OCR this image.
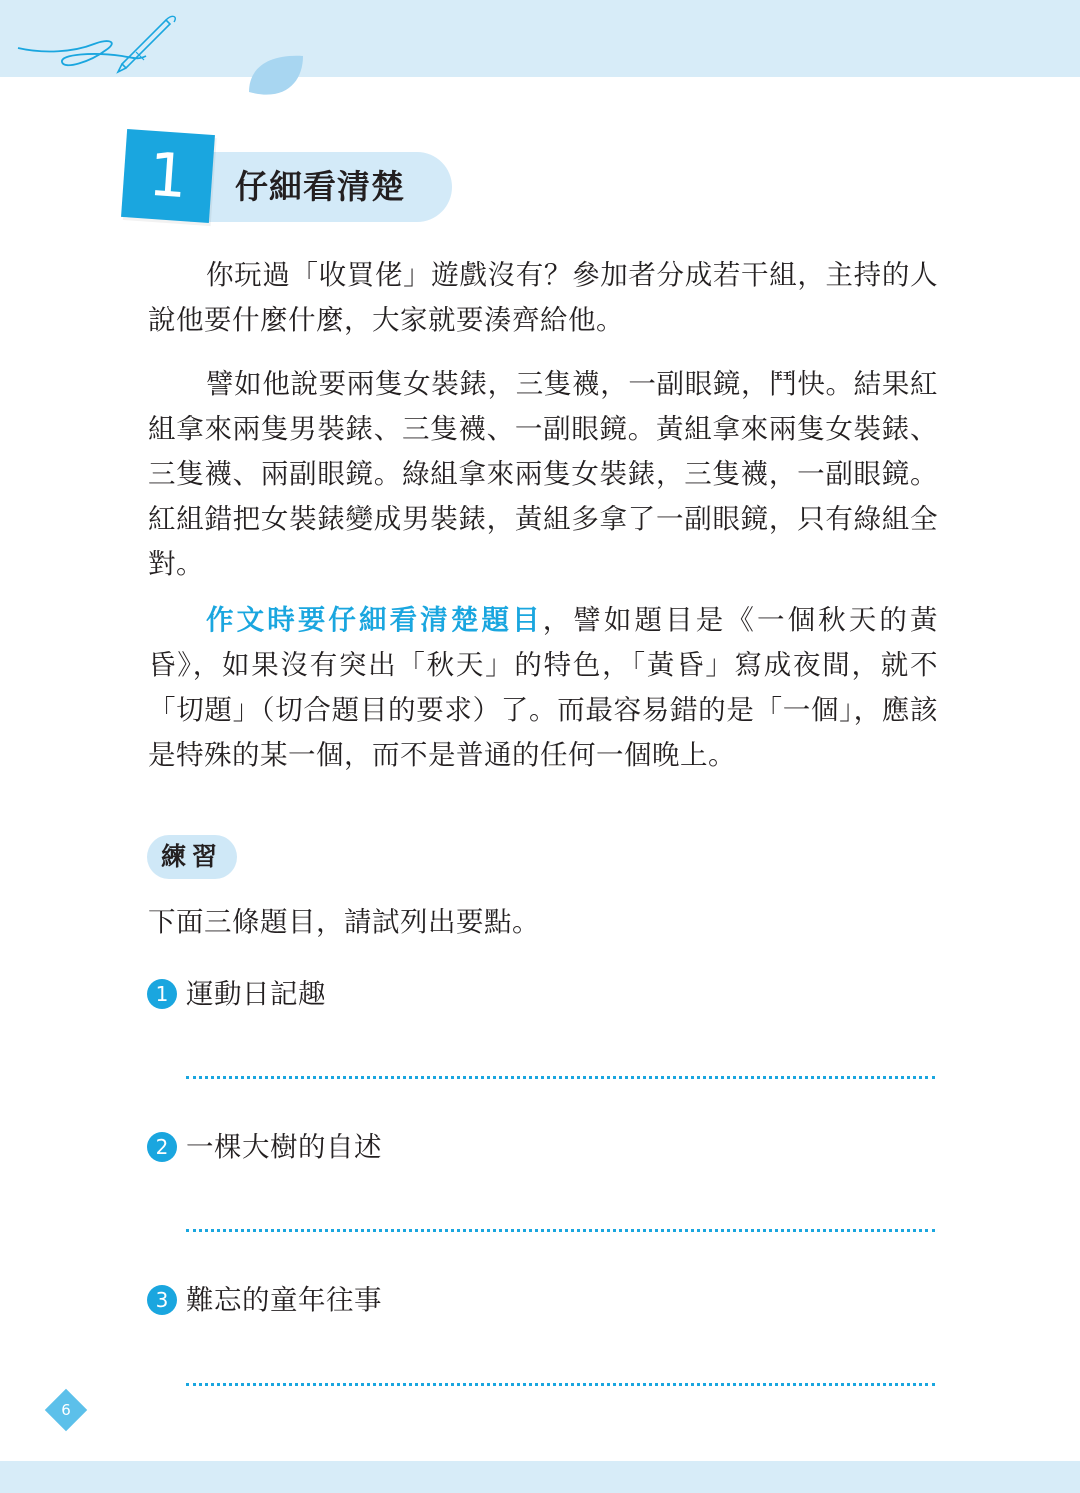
1	仔細看清楚

你玩過「收買佬」遊戲沒有？參加者分成若干組，主持的人說他要什麼什麼，大家就要湊齊給他。

譬如他說要兩隻女裝錶，三隻襪，一副眼鏡，鬥快。結果紅組拿來兩隻男裝錶、三隻襪、一副眼鏡。黃組拿來兩隻女裝錶、三隻襪、兩副眼鏡。綠組拿來兩隻女裝錶，三隻襪，一副眼鏡。紅組錯把女裝錶變成男裝錶，黃組多拿了一副眼鏡，只有綠組全對。

作文時要仔細看清楚題目，譬如題目是《一個秋天的黃昏》，如果沒有突出「秋天」的特色，「黃昏」寫成夜間，就不「切題」（切合題目的要求）了。而最容易錯的是「一個」，應該是特殊的某一個，而不是普通的任何一個晚上。

練習
下面三條題目，請試列出要點。
1 運動日記趣
2 一棵大樹的自述
3 難忘的童年往事
6
